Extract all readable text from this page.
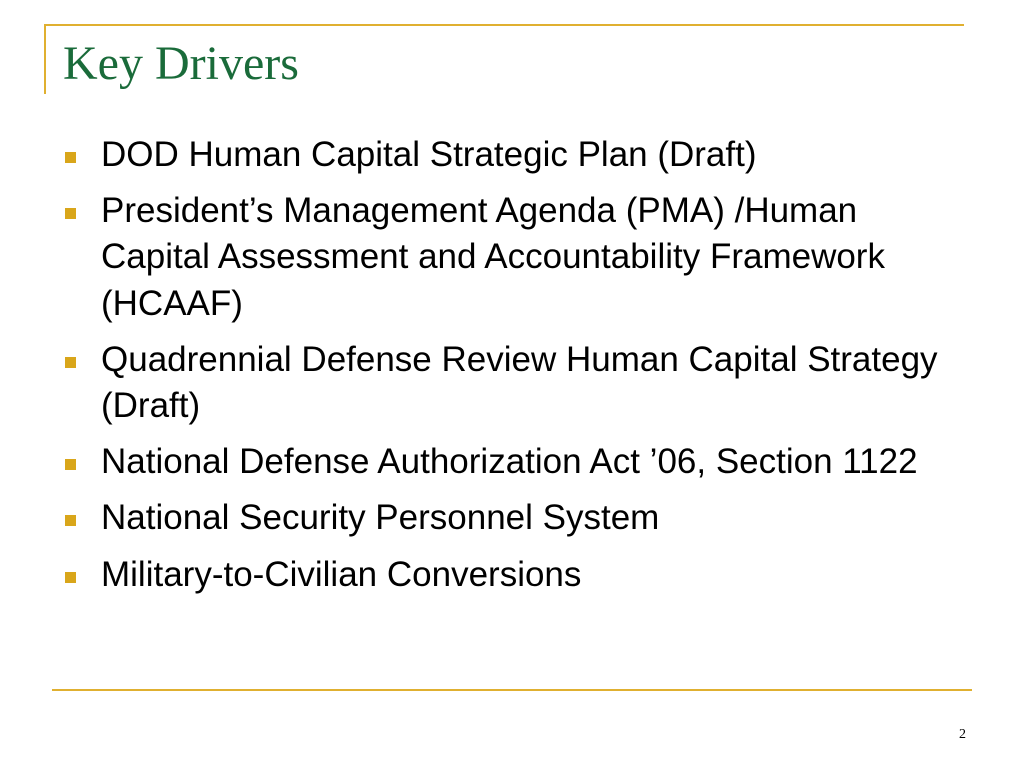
Key Drivers
DOD Human Capital Strategic Plan (Draft)
President’s Management Agenda (PMA) /Human Capital Assessment and Accountability Framework (HCAAF)
Quadrennial Defense Review Human Capital Strategy (Draft)
National Defense Authorization Act ’06, Section 1122
National Security Personnel System
Military-to-Civilian Conversions
2
